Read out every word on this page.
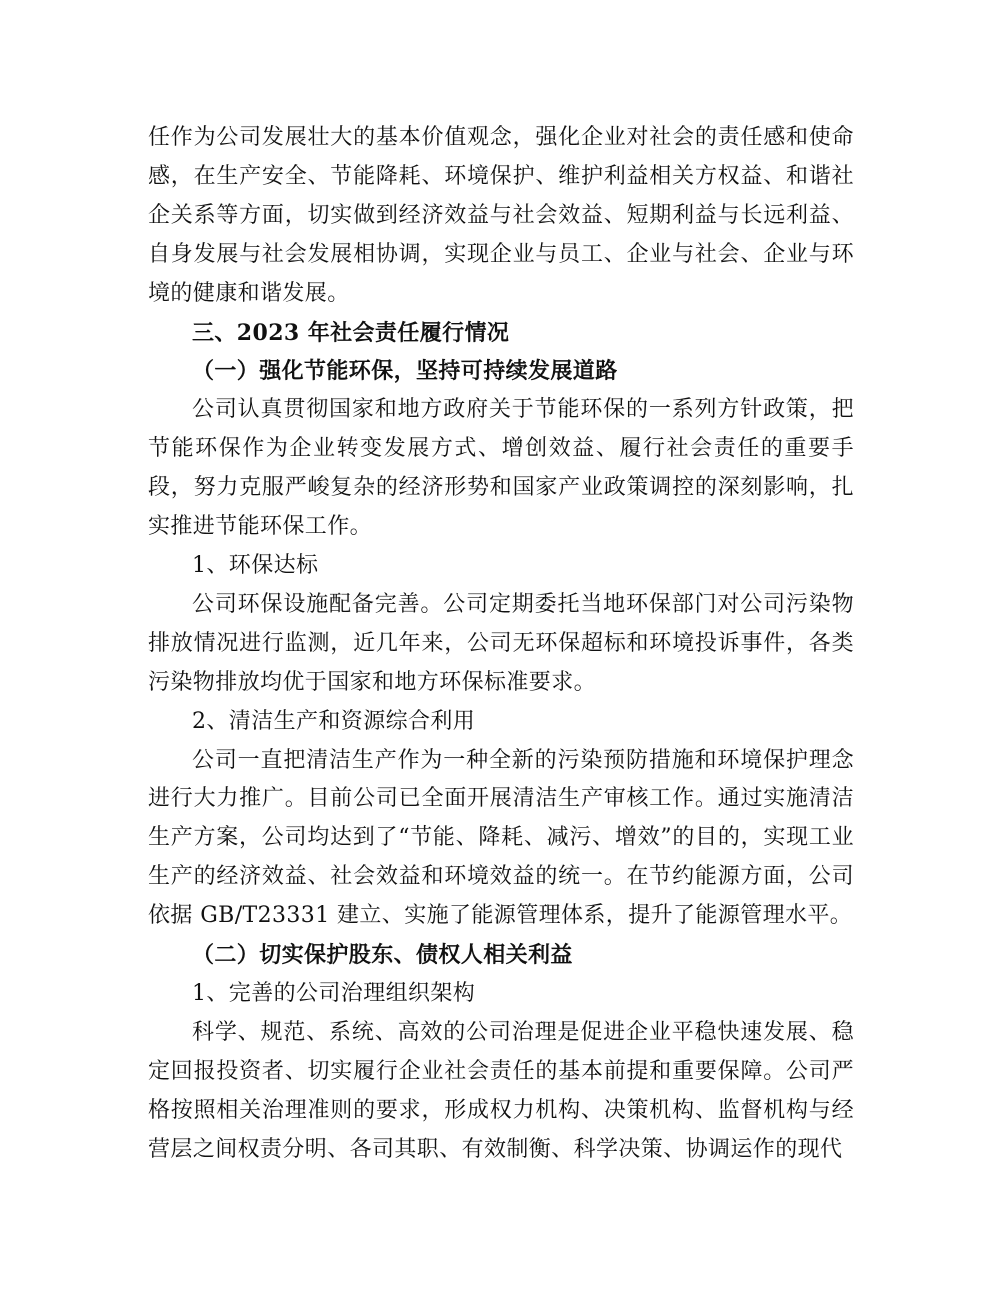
任作为公司发展壮大的基本价值观念，强化企业对社会的责任感和使命感，在生产安全、节能降耗、环境保护、维护利益相关方权益、和谐社企关系等方面，切实做到经济效益与社会效益、短期利益与长远利益、自身发展与社会发展相协调，实现企业与员工、企业与社会、企业与环境的健康和谐发展。

三、2023 年社会责任履行情况

（一）强化节能环保，坚持可持续发展道路

公司认真贯彻国家和地方政府关于节能环保的一系列方针政策，把节能环保作为企业转变发展方式、增创效益、履行社会责任的重要手段，努力克服严峻复杂的经济形势和国家产业政策调控的深刻影响，扎实推进节能环保工作。

1、环保达标

公司环保设施配备完善。公司定期委托当地环保部门对公司污染物排放情况进行监测，近几年来，公司无环保超标和环境投诉事件，各类污染物排放均优于国家和地方环保标准要求。

2、清洁生产和资源综合利用

公司一直把清洁生产作为一种全新的污染预防措施和环境保护理念进行大力推广。目前公司已全面开展清洁生产审核工作。通过实施清洁生产方案，公司均达到了“节能、降耗、减污、增效”的目的，实现工业生产的经济效益、社会效益和环境效益的统一。在节约能源方面，公司依据 GB/T23331 建立、实施了能源管理体系，提升了能源管理水平。

（二）切实保护股东、债权人相关利益

1、完善的公司治理组织架构

科学、规范、系统、高效的公司治理是促进企业平稳快速发展、稳定回报投资者、切实履行企业社会责任的基本前提和重要保障。公司严格按照相关治理准则的要求，形成权力机构、决策机构、监督机构与经营层之间权责分明、各司其职、有效制衡、科学决策、协调运作的现代
